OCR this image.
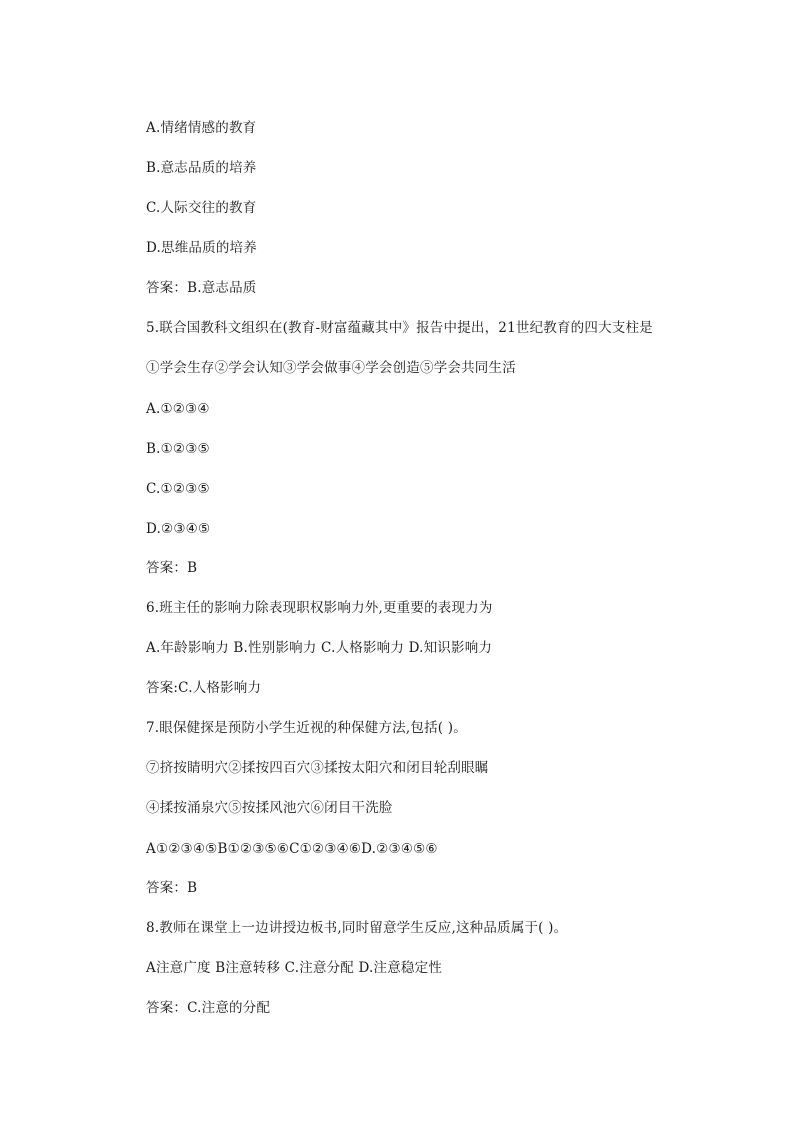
A.情绪情感的教育
B.意志品质的培养
C.人际交往的教育
D.思维品质的培养
答案：B.意志品质
5.联合国教科文组织在(教育-财富蕴藏其中》报告中提出，21世纪教育的四大支柱是
①学会生存②学会认知③学会做事④学会创造⑤学会共同生活
A.①②③④
B.①②③⑤
C.①②③⑤
D.②③④⑤
答案：B
6.班主任的影响力除表现职权影响力外,更重要的表现力为
A.年龄影响力 B.性别影响力 C.人格影响力 D.知识影响力
答案:C.人格影响力
7.眼保健探是预防小学生近视的种保健方法,包括( )。
⑦挤按睛明穴②揉按四百穴③揉按太阳穴和闭目轮刮眼瞩
④揉按涌泉穴⑤按揉风池穴⑥闭目干洗脸
A①②③④⑤B①②③⑤⑥C①②③④⑥D.②③④⑤⑥
答案：B
8.教师在课堂上一边讲授边板书,同时留意学生反应,这种品质属于( )。
A注意广度 B注意转移 C.注意分配 D.注意稳定性
答案：C.注意的分配
